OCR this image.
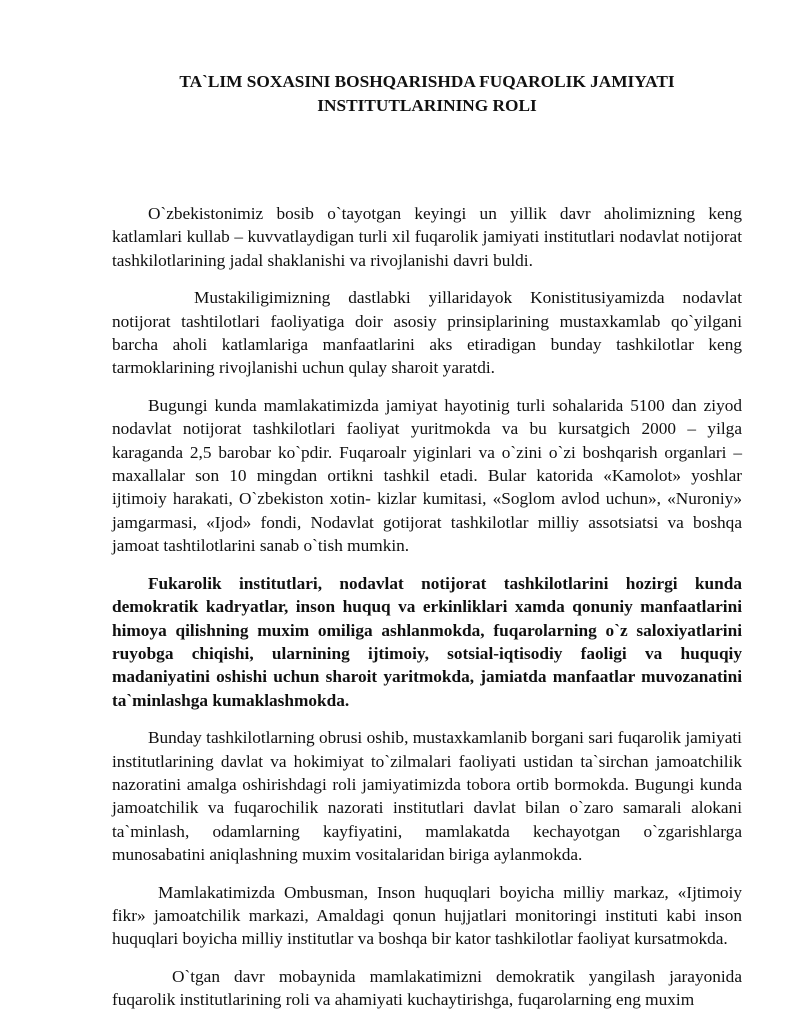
TA`LIM SOXASINI BOSHQARISHDA FUQAROLIK JAMIYATI
INSTITUTLARINING ROLI

O`zbekistonimiz bosib o`tayotgan keyingi un yillik davr aholimizning keng katlamlari kullab – kuvvatlaydigan turli xil fuqarolik jamiyati institutlari nodavlat notijorat tashkilotlarining jadal shaklanishi va rivojlanishi davri buldi.

Mustakiligimizning dastlabki yillaridayok Konistitusiyamizda nodavlat notijorat tashtilotlari faoliyatiga doir asosiy prinsiplarining mustaxkamlab qo`yilgani barcha aholi katlamlariga manfaatlarini aks etiradigan bunday tashkilotlar keng tarmoklarining rivojlanishi uchun qulay sharoit yaratdi.

Bugungi kunda mamlakatimizda jamiyat hayotinig turli sohalarida 5100 dan ziyod nodavlat notijorat tashkilotlari faoliyat yuritmokda va bu kursatgich 2000 – yilga karaganda 2,5 barobar ko`pdir. Fuqaroalr yiginlari va o`zini o`zi boshqarish organlari – maxallalar son 10 mingdan ortikni tashkil etadi. Bular katorida «Kamolot» yoshlar ijtimoiy harakati, O`zbekiston xotin- kizlar kumitasi, «Soglom avlod uchun», «Nuroniy» jamgarmasi, «Ijod» fondi, Nodavlat gotijorat tashkilotlar milliy assotsiatsi va boshqa jamoat tashtilotlarini sanab o`tish mumkin.

Fukarolik institutlari, nodavlat notijorat tashkilotlarini hozirgi kunda demokratik kadryatlar, inson huquq va erkinliklari xamda qonuniy manfaatlarini himoya qilishning muxim omiliga ashlanmokda, fuqarolarning o`z saloxiyatlarini ruyobga chiqishi, ularnining ijtimoiy, sotsial-iqtisodiy faoligi va huquqiy madaniyatini oshishi uchun sharoit yaritmokda, jamiatda manfaatlar muvozanatini ta`minlashga kumaklashmokda.

Bunday tashkilotlarning obrusi oshib, mustaxkamlanib borgani sari fuqarolik jamiyati institutlarining davlat va hokimiyat to`zilmalari faoliyati ustidan ta`sirchan jamoatchilik nazoratini amalga oshirishdagi roli jamiyatimizda tobora ortib bormokda. Bugungi kunda jamoatchilik va fuqarochilik nazorati institutlari davlat bilan o`zaro samarali alokani ta`minlash, odamlarning kayfiyatini, mamlakatda kechayotgan o`zgarishlarga munosabatini aniqlashning muxim vositalaridan biriga aylanmokda.

Mamlakatimizda Ombusman, Inson huquqlari boyicha milliy markaz, «Ijtimoiy fikr» jamoatchilik markazi, Amaldagi qonun hujjatlari monitoringi instituti kabi inson huquqlari boyicha milliy institutlar va boshqa bir kator tashkilotlar faoliyat kursatmokda.

O`tgan davr mobaynida mamlakatimizni demokratik yangilash jarayonida fuqarolik institutlarining roli va ahamiyati kuchaytirishga, fuqarolarning eng muxim
